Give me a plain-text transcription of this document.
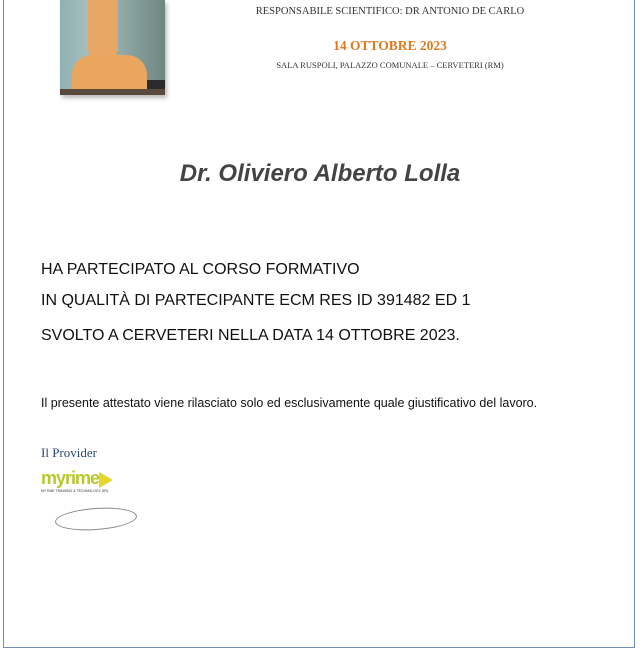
RESPONSABILE SCIENTIFICO: DR ANTONIO DE CARLO
14 OTTOBRE 2023
SALA RUSPOLI, PALAZZO COMUNALE – CERVETERI (RM)
Dr. Oliviero Alberto Lolla
HA PARTECIPATO AL CORSO FORMATIVO
IN QUALITÀ DI PARTECIPANTE ECM RES ID 391482 ED 1
SVOLTO A CERVETERI NELLA DATA 14 OTTOBRE 2023.
Il presente attestato viene rilasciato solo ed esclusivamente quale giustificativo del lavoro.
Il Provider
myrime
MYTIME TRAINING & TECHNOLOGY SRL
